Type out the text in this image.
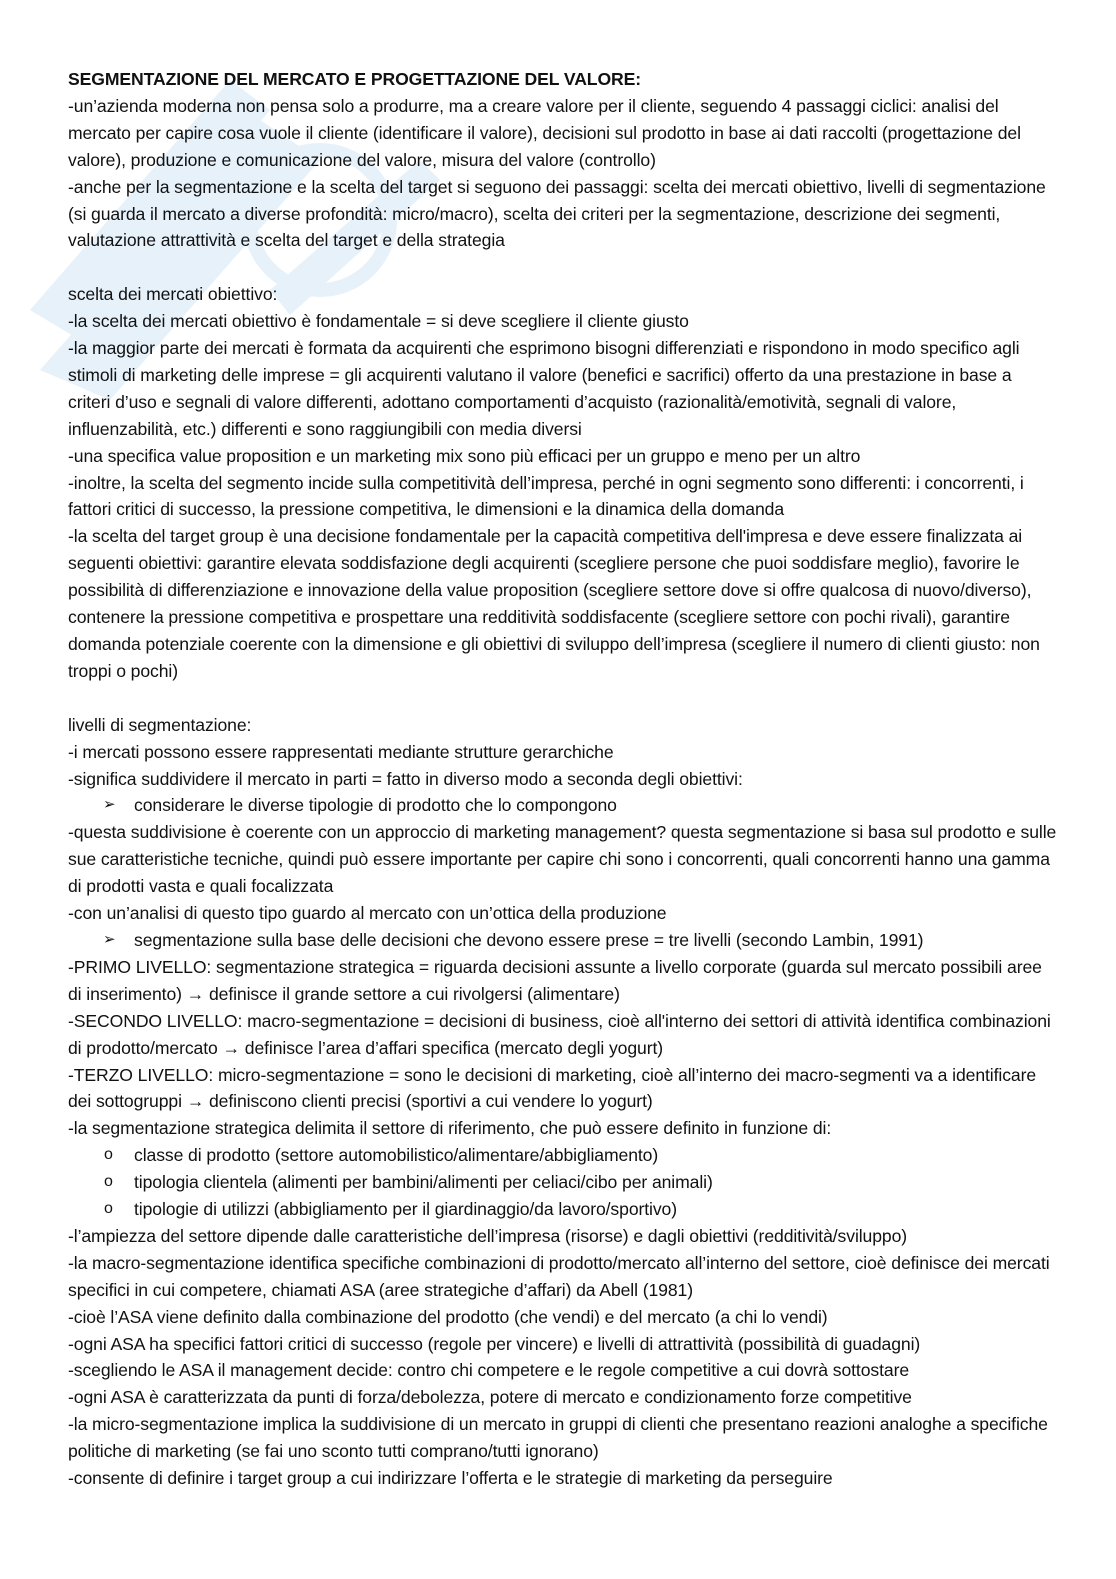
SEGMENTAZIONE DEL MERCATO E PROGETTAZIONE DEL VALORE:

-un’azienda moderna non pensa solo a produrre, ma a creare valore per il cliente, seguendo 4 passaggi ciclici: analisi del mercato per capire cosa vuole il cliente (identificare il valore), decisioni sul prodotto in base ai dati raccolti (progettazione del valore), produzione e comunicazione del valore, misura del valore (controllo)

-anche per la segmentazione e la scelta del target si seguono dei passaggi: scelta dei mercati obiettivo, livelli di segmentazione (si guarda il mercato a diverse profondità: micro/macro), scelta dei criteri per la segmentazione, descrizione dei segmenti, valutazione attrattività e scelta del target e della strategia

scelta dei mercati obiettivo:

-la scelta dei mercati obiettivo è fondamentale = si deve scegliere il cliente giusto

-la maggior parte dei mercati è formata da acquirenti che esprimono bisogni differenziati e rispondono in modo specifico agli stimoli di marketing delle imprese = gli acquirenti valutano il valore (benefici e sacrifici) offerto da una prestazione in base a criteri d’uso e segnali di valore differenti, adottano comportamenti d’acquisto (razionalità/emotività, segnali di valore, influenzabilità, etc.) differenti e sono raggiungibili con media diversi

-una specifica value proposition e un marketing mix sono più efficaci per un gruppo e meno per un altro

-inoltre, la scelta del segmento incide sulla competitività dell’impresa, perché in ogni segmento sono differenti: i concorrenti, i fattori critici di successo, la pressione competitiva, le dimensioni e la dinamica della domanda

-la scelta del target group è una decisione fondamentale per la capacità competitiva dell'impresa e deve essere finalizzata ai seguenti obiettivi: garantire elevata soddisfazione degli acquirenti (scegliere persone che puoi soddisfare meglio), favorire le possibilità di differenziazione e innovazione della value proposition (scegliere settore dove si offre qualcosa di nuovo/diverso), contenere la pressione competitiva e prospettare una redditività soddisfacente (scegliere settore con pochi rivali), garantire domanda potenziale coerente con la dimensione e gli obiettivi di sviluppo dell’impresa (scegliere il numero di clienti giusto: non troppi o pochi)

livelli di segmentazione:

-i mercati possono essere rappresentati mediante strutture gerarchiche

-significa suddividere il mercato in parti = fatto in diverso modo a seconda degli obiettivi:

➢	considerare le diverse tipologie di prodotto che lo compongono

-questa suddivisione è coerente con un approccio di marketing management? questa segmentazione si basa sul prodotto e sulle sue caratteristiche tecniche, quindi può essere importante per capire chi sono i concorrenti, quali concorrenti hanno una gamma di prodotti vasta e quali focalizzata

-con un’analisi di questo tipo guardo al mercato con un’ottica della produzione

➢	segmentazione sulla base delle decisioni che devono essere prese = tre livelli (secondo Lambin, 1991)

-PRIMO LIVELLO: segmentazione strategica = riguarda decisioni assunte a livello corporate (guarda sul mercato possibili aree di inserimento) → definisce il grande settore a cui rivolgersi (alimentare)

-SECONDO LIVELLO: macro-segmentazione = decisioni di business, cioè all'interno dei settori di attività identifica combinazioni di prodotto/mercato → definisce l’area d’affari specifica (mercato degli yogurt)

-TERZO LIVELLO: micro-segmentazione = sono le decisioni di marketing, cioè all’interno dei macro-segmenti va a identificare dei sottogruppi → definiscono clienti precisi (sportivi a cui vendere lo yogurt)

-la segmentazione strategica delimita il settore di riferimento, che può essere definito in funzione di:

o	classe di prodotto (settore automobilistico/alimentare/abbigliamento)

o	tipologia clientela (alimenti per bambini/alimenti per celiaci/cibo per animali)

o	tipologie di utilizzi (abbigliamento per il giardinaggio/da lavoro/sportivo)

-l’ampiezza del settore dipende dalle caratteristiche dell’impresa (risorse) e dagli obiettivi (redditività/sviluppo)

-la macro-segmentazione identifica specifiche combinazioni di prodotto/mercato all’interno del settore, cioè definisce dei mercati specifici in cui competere, chiamati ASA (aree strategiche d’affari) da Abell (1981)

-cioè l’ASA viene definito dalla combinazione del prodotto (che vendi) e del mercato (a chi lo vendi)

-ogni ASA ha specifici fattori critici di successo (regole per vincere) e livelli di attrattività (possibilità di guadagni)

-scegliendo le ASA il management decide: contro chi competere e le regole competitive a cui dovrà sottostare

-ogni ASA è caratterizzata da punti di forza/debolezza, potere di mercato e condizionamento forze competitive

-la micro-segmentazione implica la suddivisione di un mercato in gruppi di clienti che presentano reazioni analoghe a specifiche politiche di marketing (se fai uno sconto tutti comprano/tutti ignorano)

-consente di definire i target group a cui indirizzare l’offerta e le strategie di marketing da perseguire
